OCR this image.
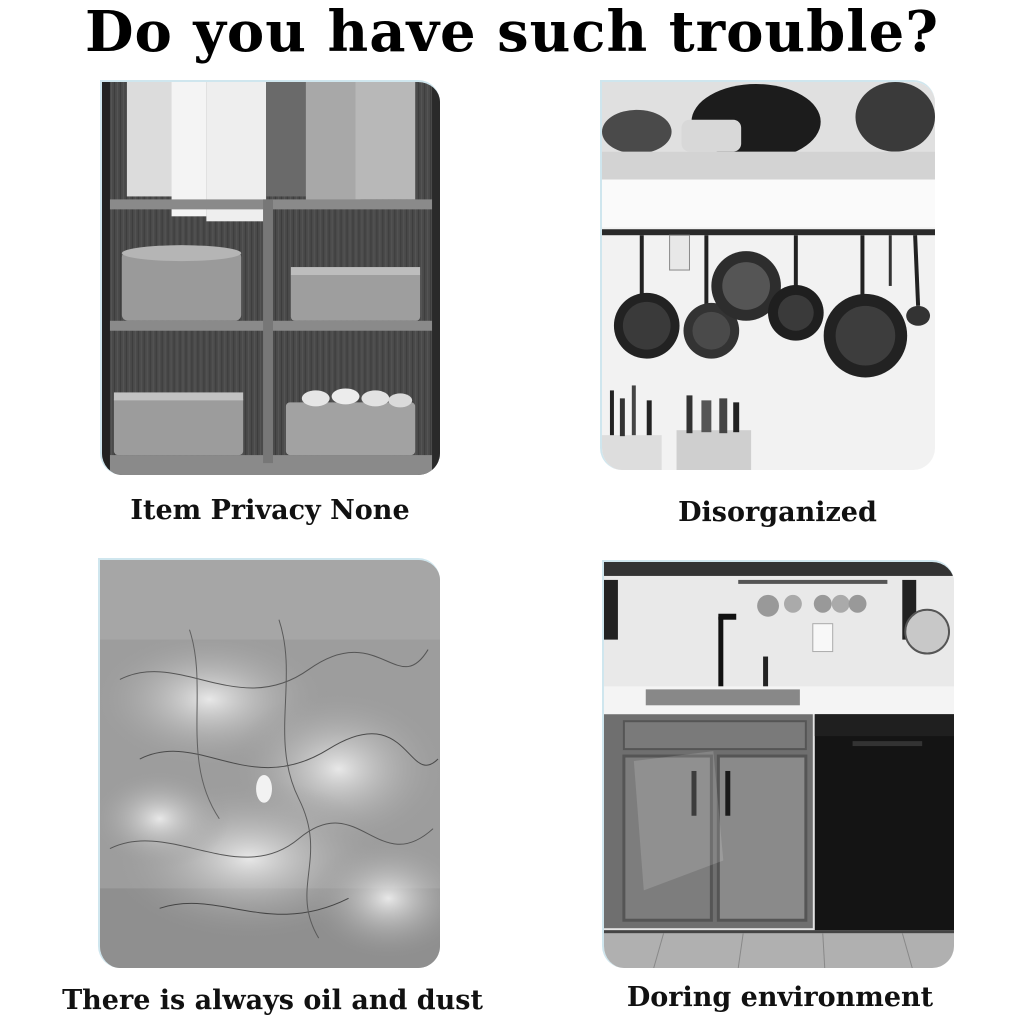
Do you have such trouble?

Item Privacy None	Disorganized

There is always oil and dust	Doring environment
